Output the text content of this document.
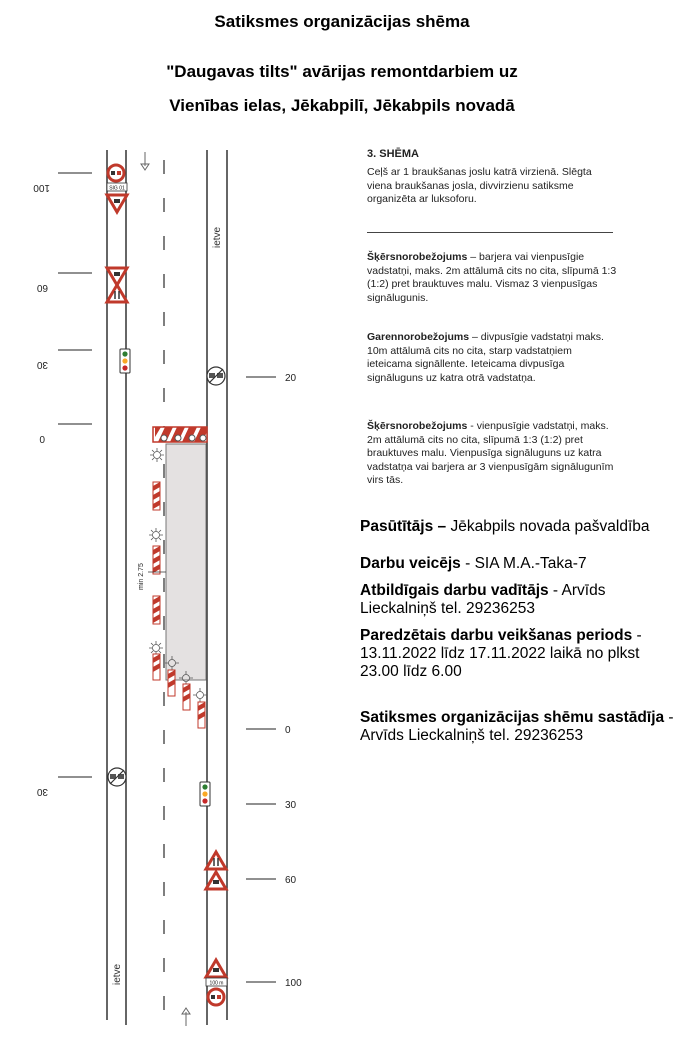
Satiksmes organizācijas shēma
"Daugavas tilts" avārijas remontdarbiem uz
Vienības ielas, Jēkabpilī, Jēkabpils novadā
ietve
ietve
100
60
30
0
30
20
0
30
60
100
SIG 01
min 2.75
100 m
3. SHĒMA
Ceļš ar 1 braukšanas joslu katrā virzienā. Slēgta viena braukšanas josla, divvirzienu satiksme organizēta ar luksoforu.
Šķērsnorobežojums – barjera vai vienpusīgie vadstatņi, maks. 2m attālumā cits no cita, slīpumā 1:3 (1:2) pret brauktuves malu. Vismaz 3 vienpusīgas signālugunis.
Garennorobežojums – divpusīgie vadstatņi maks. 10m attālumā cits no cita, starp vadstatņiem ieteicama signāllente. Ieteicama divpusīga signāluguns uz katra otrā vadstatņa.
Šķērsnorobežojums - vienpusīgie vadstatņi, maks. 2m attālumā cits no cita, slīpumā 1:3 (1:2) pret brauktuves malu. Vienpusīga signāluguns uz katra vadstatņa vai barjera ar 3 vienpusīgām signālugunīm virs tās.
Pasūtītājs – Jēkabpils novada pašvaldība
Darbu veicējs - SIA M.A.-Taka-7
Atbildīgais darbu vadītājs - Arvīds Lieckalniņš tel. 29236253
Paredzētais darbu veikšanas periods - 13.11.2022 līdz 17.11.2022 laikā no plkst 23.00 līdz 6.00
Satiksmes organizācijas shēmu sastādīja - Arvīds Lieckalniņš tel. 29236253
